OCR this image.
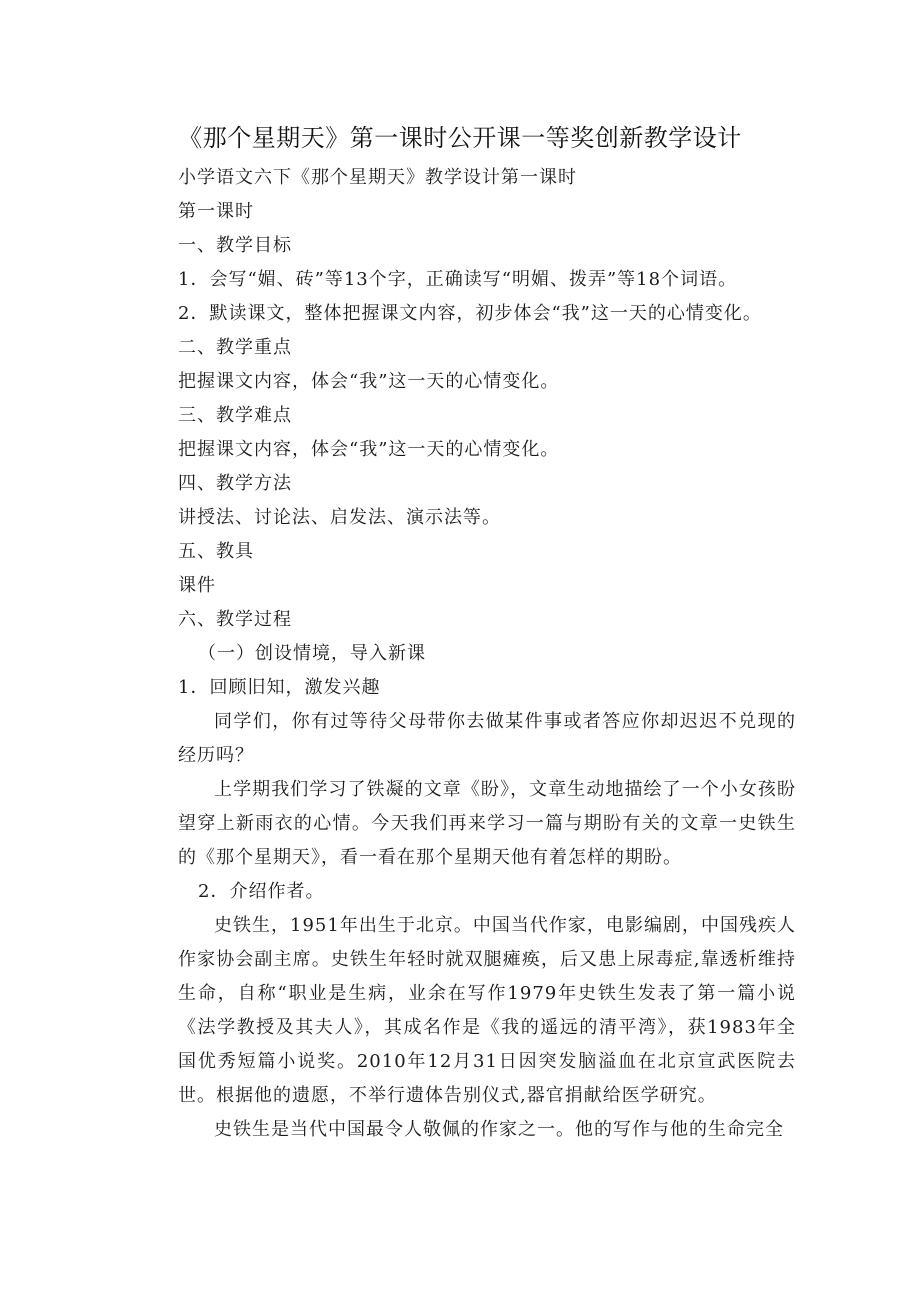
《那个星期天》第一课时公开课一等奖创新教学设计

小学语文六下《那个星期天》教学设计第一课时

第一课时

一、教学目标

1．会写“媚、砖”等13个字，正确读写“明媚、拨弄”等18个词语。

2．默读课文，整体把握课文内容，初步体会“我”这一天的心情变化。

二、教学重点

把握课文内容，体会“我”这一天的心情变化。

三、教学难点

把握课文内容，体会“我”这一天的心情变化。

四、教学方法

讲授法、讨论法、启发法、演示法等。

五、教具

课件

六、教学过程

（一）创设情境，导入新课

1．回顾旧知，激发兴趣

同学们，你有过等待父母带你去做某件事或者答应你却迟迟不兑现的经历吗？

上学期我们学习了铁凝的文章《盼》，文章生动地描绘了一个小女孩盼望穿上新雨衣的心情。今天我们再来学习一篇与期盼有关的文章一史铁生的《那个星期天》，看一看在那个星期天他有着怎样的期盼。

2．介绍作者。

史铁生，1951年出生于北京。中国当代作家，电影编剧，中国残疾人作家协会副主席。史铁生年轻时就双腿瘫痪，后又患上尿毒症,靠透析维持生命，自称“职业是生病，业余在写作1979年史铁生发表了第一篇小说《法学教授及其夫人》，其成名作是《我的遥远的清平湾》，获1983年全国优秀短篇小说奖。2010年12月31日因突发脑溢血在北京宣武医院去世。根据他的遗愿，不举行遗体告别仪式,器官捐献给医学研究。

史铁生是当代中国最令人敬佩的作家之一。他的写作与他的生命完全
